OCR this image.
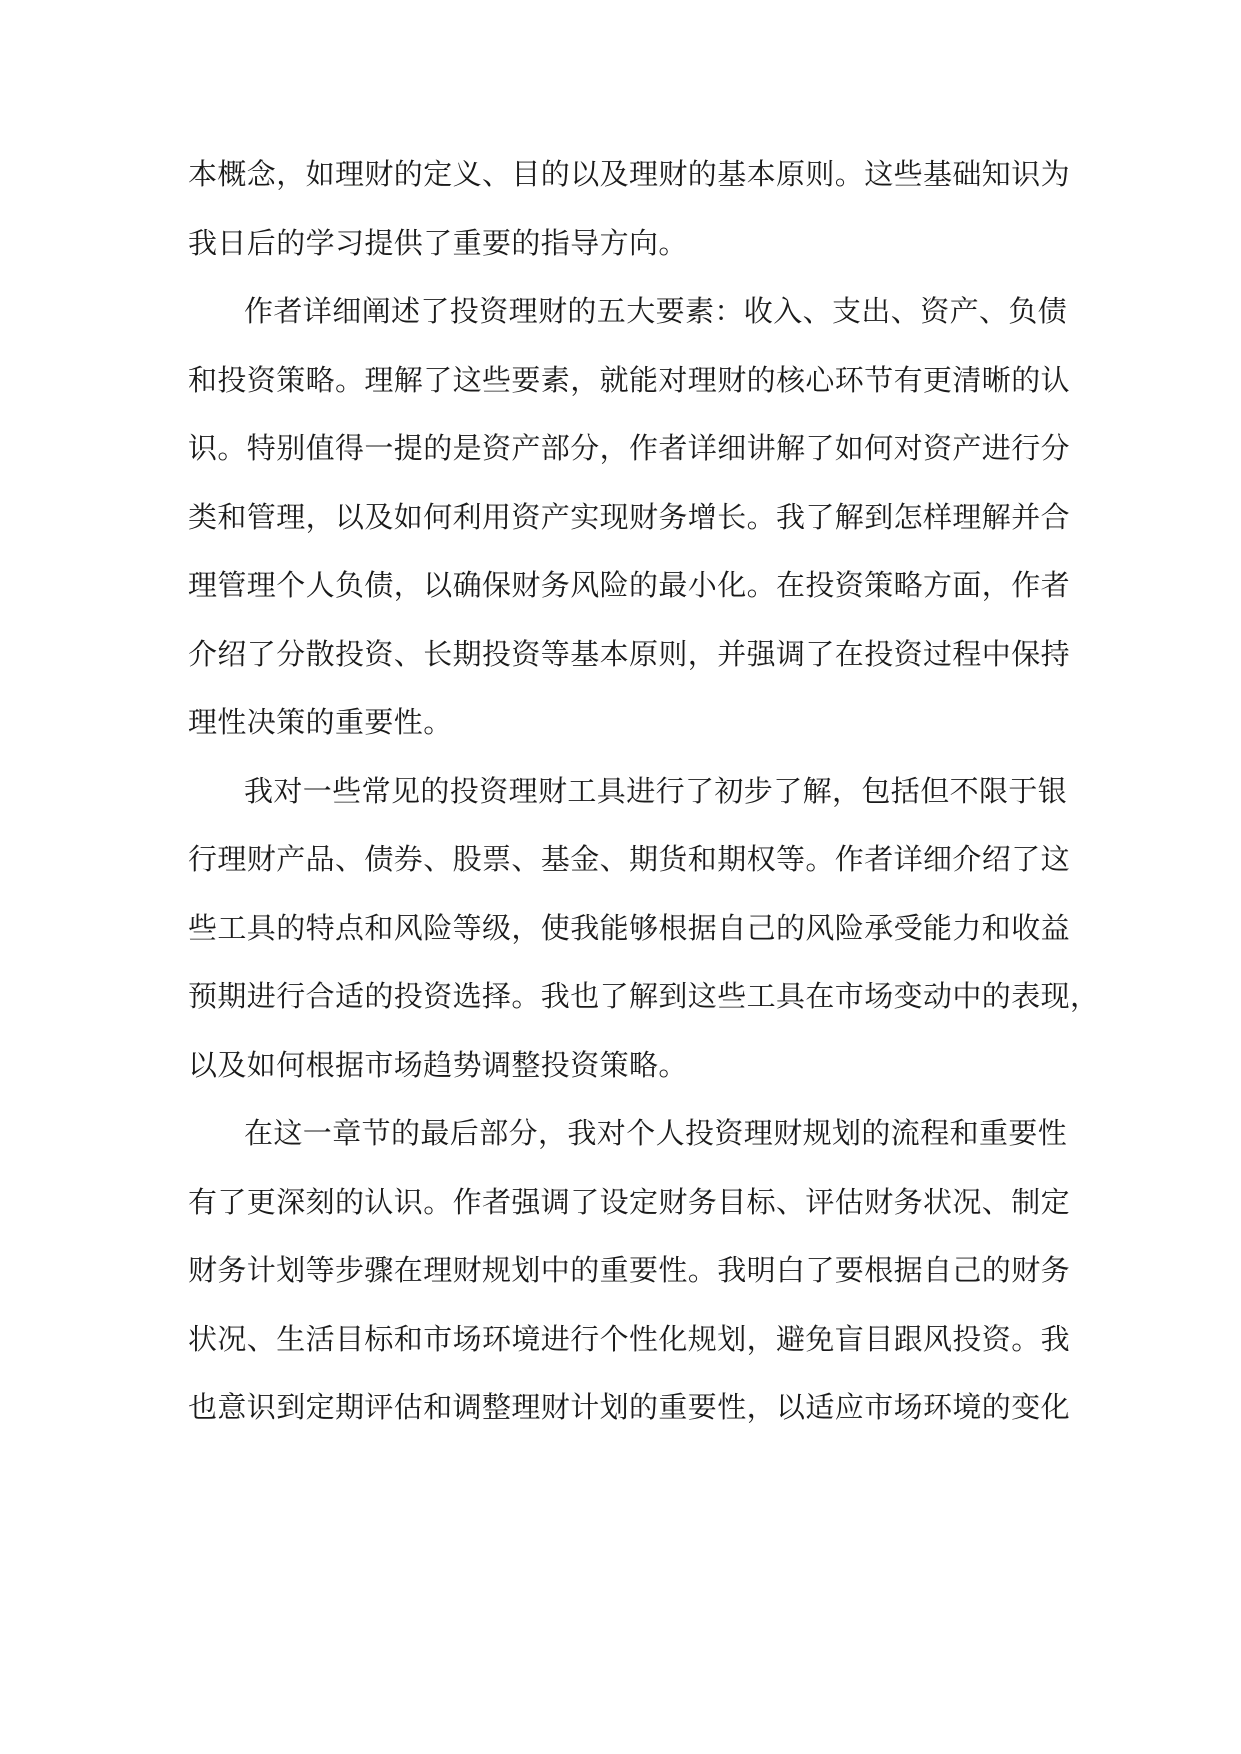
本概念，如理财的定义、目的以及理财的基本原则。这些基础知识为
我日后的学习提供了重要的指导方向。
作者详细阐述了投资理财的五大要素：收入、支出、资产、负债
和投资策略。理解了这些要素，就能对理财的核心环节有更清晰的认
识。特别值得一提的是资产部分，作者详细讲解了如何对资产进行分
类和管理，以及如何利用资产实现财务增长。我了解到怎样理解并合
理管理个人负债，以确保财务风险的最小化。在投资策略方面，作者
介绍了分散投资、长期投资等基本原则，并强调了在投资过程中保持
理性决策的重要性。
我对一些常见的投资理财工具进行了初步了解，包括但不限于银
行理财产品、债券、股票、基金、期货和期权等。作者详细介绍了这
些工具的特点和风险等级，使我能够根据自己的风险承受能力和收益
预期进行合适的投资选择。我也了解到这些工具在市场变动中的表现，
以及如何根据市场趋势调整投资策略。
在这一章节的最后部分，我对个人投资理财规划的流程和重要性
有了更深刻的认识。作者强调了设定财务目标、评估财务状况、制定
财务计划等步骤在理财规划中的重要性。我明白了要根据自己的财务
状况、生活目标和市场环境进行个性化规划，避免盲目跟风投资。我
也意识到定期评估和调整理财计划的重要性，以适应市场环境的变化
